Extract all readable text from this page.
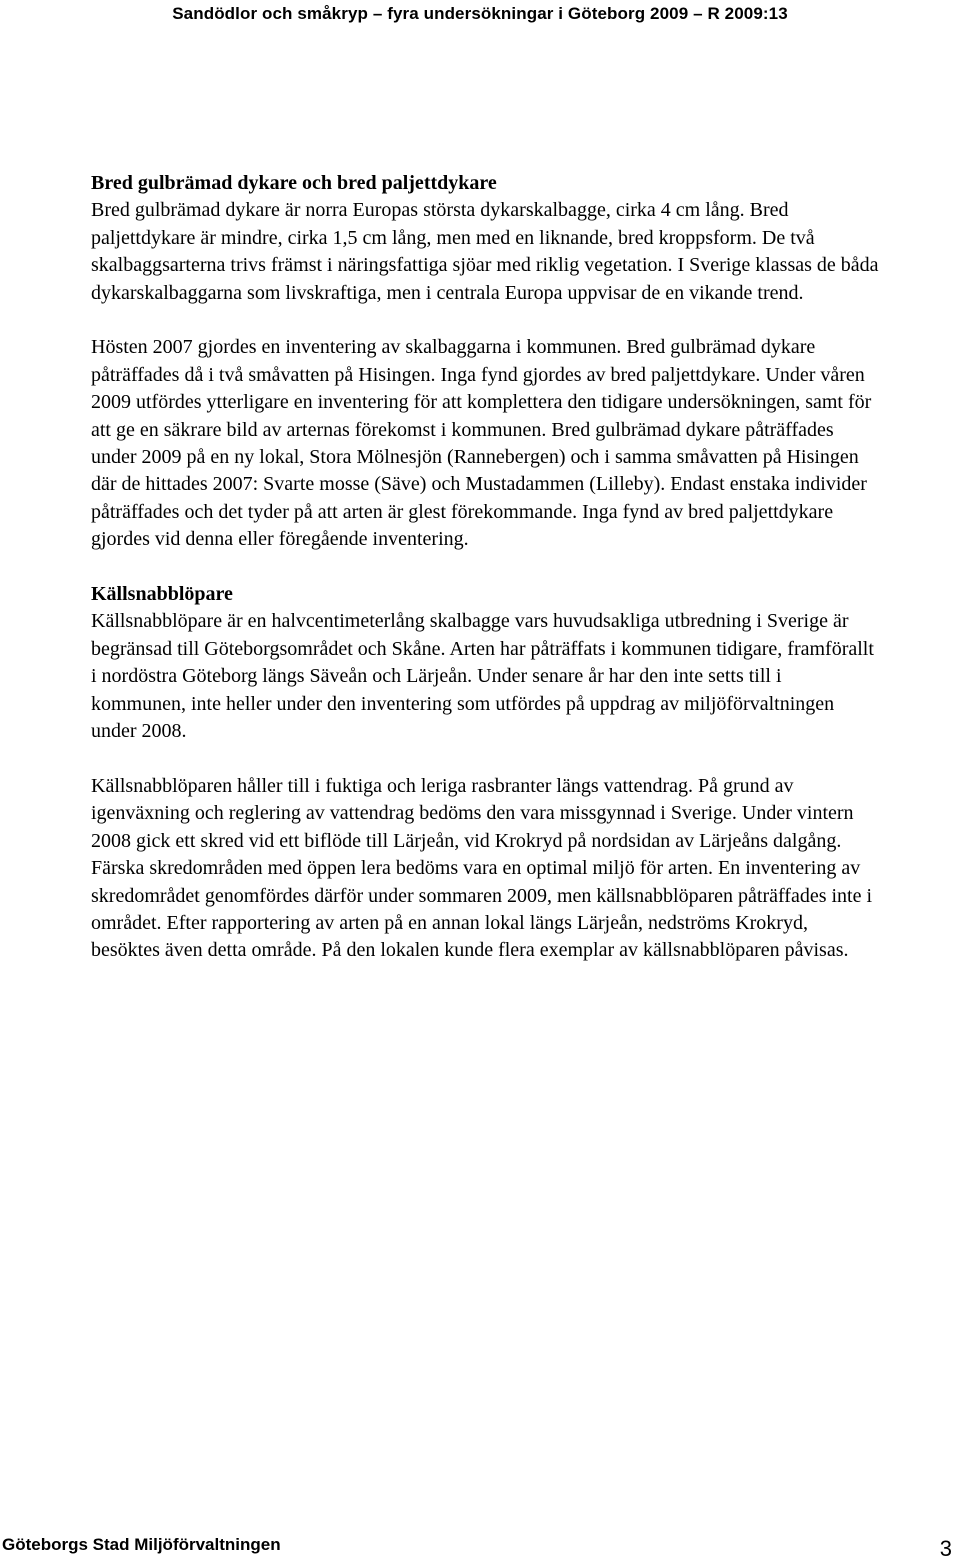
Sandödlor och småkryp – fyra undersökningar i Göteborg 2009 – R 2009:13

Bred gulbrämad dykare och bred paljettdykare

Bred gulbrämad dykare är norra Europas största dykarskalbagge, cirka 4 cm lång. Bred paljettdykare är mindre, cirka 1,5 cm lång, men med en liknande, bred kroppsform. De två skalbaggsarterna trivs främst i näringsfattiga sjöar med riklig vegetation. I Sverige klassas de båda dykarskalbaggarna som livskraftiga, men i centrala Europa uppvisar de en vikande trend.

Hösten 2007 gjordes en inventering av skalbaggarna i kommunen. Bred gulbrämad dykare påträffades då i två småvatten på Hisingen. Inga fynd gjordes av bred paljettdykare. Under våren 2009 utfördes ytterligare en inventering för att komplettera den tidigare undersökningen, samt för att ge en säkrare bild av arternas förekomst i kommunen. Bred gulbrämad dykare påträffades under 2009 på en ny lokal, Stora Mölnesjön (Rannebergen) och i samma småvatten på Hisingen där de hittades 2007: Svarte mosse (Säve) och Mustadammen (Lilleby). Endast enstaka individer påträffades och det tyder på att arten är glest förekommande. Inga fynd av bred paljettdykare gjordes vid denna eller föregående inventering.

Källsnabblöpare

Källsnabblöpare är en halvcentimeterlång skalbagge vars huvudsakliga utbredning i Sverige är begränsad till Göteborgsområdet och Skåne. Arten har påträffats i kommunen tidigare, framförallt i nordöstra Göteborg längs Säveån och Lärjeån. Under senare år har den inte setts till i kommunen, inte heller under den inventering som utfördes på uppdrag av miljöförvaltningen under 2008.

Källsnabblöparen håller till i fuktiga och leriga rasbranter längs vattendrag. På grund av igenväxning och reglering av vattendrag bedöms den vara missgynnad i Sverige. Under vintern 2008 gick ett skred vid ett biflöde till Lärjeån, vid Krokryd på nordsidan av Lärjeåns dalgång. Färska skredområden med öppen lera bedöms vara en optimal miljö för arten. En inventering av skredområdet genomfördes därför under sommaren 2009, men källsnabblöparen påträffades inte i området. Efter rapportering av arten på en annan lokal längs Lärjeån, nedströms Krokryd, besöktes även detta område. På den lokalen kunde flera exemplar av källsnabblöparen påvisas.

Göteborgs Stad Miljöförvaltningen	3
